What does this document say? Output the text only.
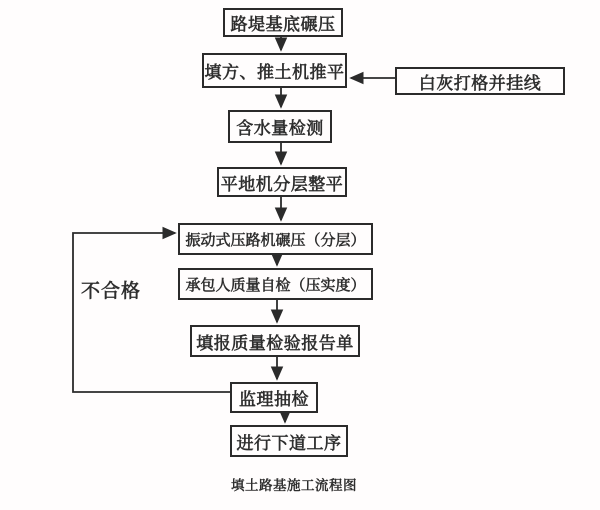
路堤基底碾压
填方、推土机推平
白灰打格并挂线
含水量检测
平地机分层整平
振动式压路机碾压（分层）
承包人质量自检（压实度）
填报质量检验报告单
监理抽检
进行下道工序
不合格
填土路基施工流程图
